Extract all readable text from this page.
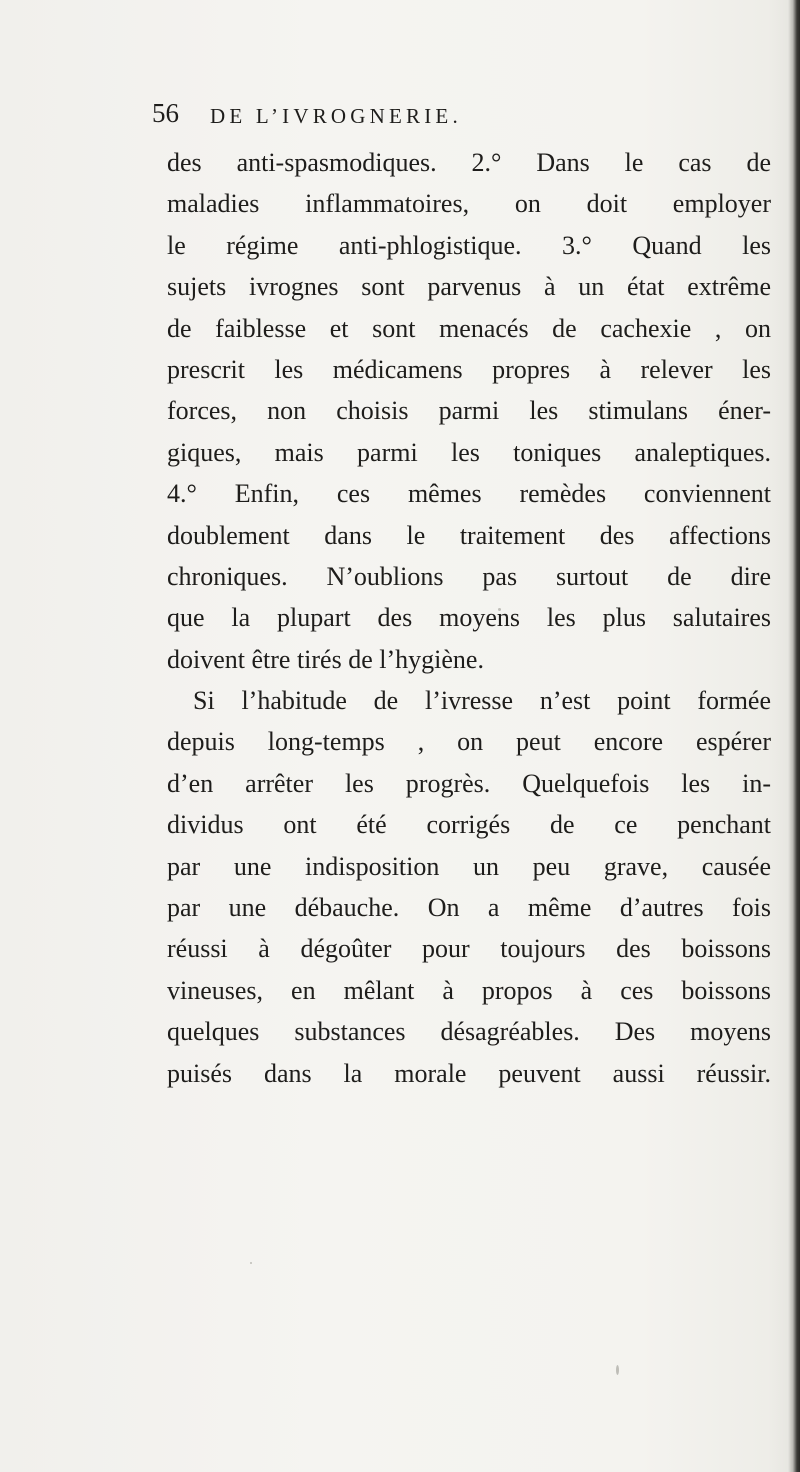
56 DE L’IVROGNERIE.
des anti-spasmodiques. 2.° Dans le cas de
maladies inflammatoires, on doit employer
le régime anti-phlogistique. 3.° Quand les
sujets ivrognes sont parvenus à un état extrême
de faiblesse et sont menacés de cachexie , on
prescrit les médicamens propres à relever les
forces, non choisis parmi les stimulans éner-
giques, mais parmi les toniques analeptiques.
4.° Enfin, ces mêmes remèdes conviennent
doublement dans le traitement des affections
chroniques. N’oublions pas surtout de dire
que la plupart des moyens les plus salutaires
doivent être tirés de l’hygiène.
Si l’habitude de l’ivresse n’est point formée
depuis long-temps , on peut encore espérer
d’en arrêter les progrès. Quelquefois les in-
dividus ont été corrigés de ce penchant
par une indisposition un peu grave, causée
par une débauche. On a même d’autres fois
réussi à dégoûter pour toujours des boissons
vineuses, en mêlant à propos à ces boissons
quelques substances désagréables. Des moyens
puisés dans la morale peuvent aussi réussir.
